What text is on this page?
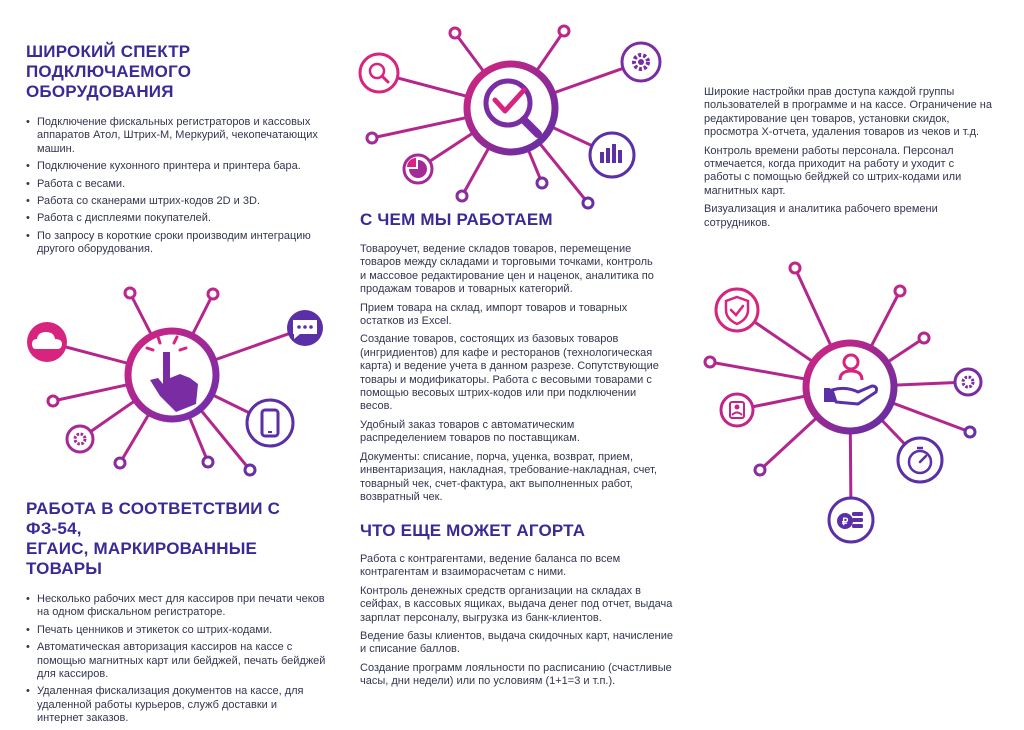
ШИРОКИЙ СПЕКТР
ПОДКЛЮЧАЕМОГО ОБОРУДОВАНИЯ
• Подключение фискальных регистраторов и кассовых аппаратов Атол, Штрих-М, Меркурий, чекопечатающих машин.
• Подключение кухонного принтера и принтера бара.
• Работа с весами.
• Работа со сканерами штрих-кодов 2D и 3D.
• Работа с дисплеями покупателей.
• По запросу в короткие сроки производим интеграцию другого оборудования.
РАБОТА В СООТВЕТСТВИИ С ФЗ-54,
ЕГАИС, МАРКИРОВАННЫЕ ТОВАРЫ
• Несколько рабочих мест для кассиров при печати чеков на одном фискальном регистраторе.
• Печать ценников и этикеток со штрих-кодами.
• Автоматическая авторизация кассиров на кассе с помощью магнитных карт или бейджей, печать бейджей для кассиров.
• Удаленная фискализация документов на кассе, для удаленной работы курьеров, служб доставки и интернет заказов.
С ЧЕМ МЫ РАБОТАЕМ

Товароучет, ведение складов товаров, перемещение товаров между складами и торговыми точками, контроль и массовое редактирование цен и наценок, аналитика по продажам товаров и товарных категорий.

Прием товара на склад, импорт товаров и товарных остатков из Excel.

Создание товаров, состоящих из базовых товаров (ингридиентов) для кафе и ресторанов (технологическая карта) и ведение учета в данном разрезе. Сопутствующие товары и модификаторы. Работа с весовыми товарами с помощью весовых штрих-кодов или при подключении весов.

Удобный заказ товаров с автоматическим распределением товаров по поставщикам.

Документы: списание, порча, уценка, возврат, прием, инвентаризация, накладная, требование-накладная, счет, товарный чек, счет-фактура, акт выполненных работ, возвратный чек.

ЧТО ЕЩЕ МОЖЕТ АГОРТА

Работа с контрагентами, ведение баланса по всем контрагентам и взаиморасчетам с ними.

Контроль денежных средств организации на складах в сейфах, в кассовых ящиках, выдача денег под отчет, выдача зарплат персоналу, выгрузка из банк-клиентов.

Ведение базы клиентов, выдача скидочных карт, начисление и списание баллов.

Создание программ лояльности по расписанию (счастливые часы, дни недели) или по условиям (1+1=3 и т.п.).

Широкие настройки прав доступа каждой группы пользователей в программе и на кассе. Ограничение на редактирование цен товаров, установки скидок, просмотра Х-отчета, удаления товаров из чеков и т.д.

Контроль времени работы персонала. Персонал отмечается, когда приходит на работу и уходит с работы с помощью бейджей со штрих-кодами или магнитных карт.

Визуализация и аналитика рабочего времени сотрудников.

₽
